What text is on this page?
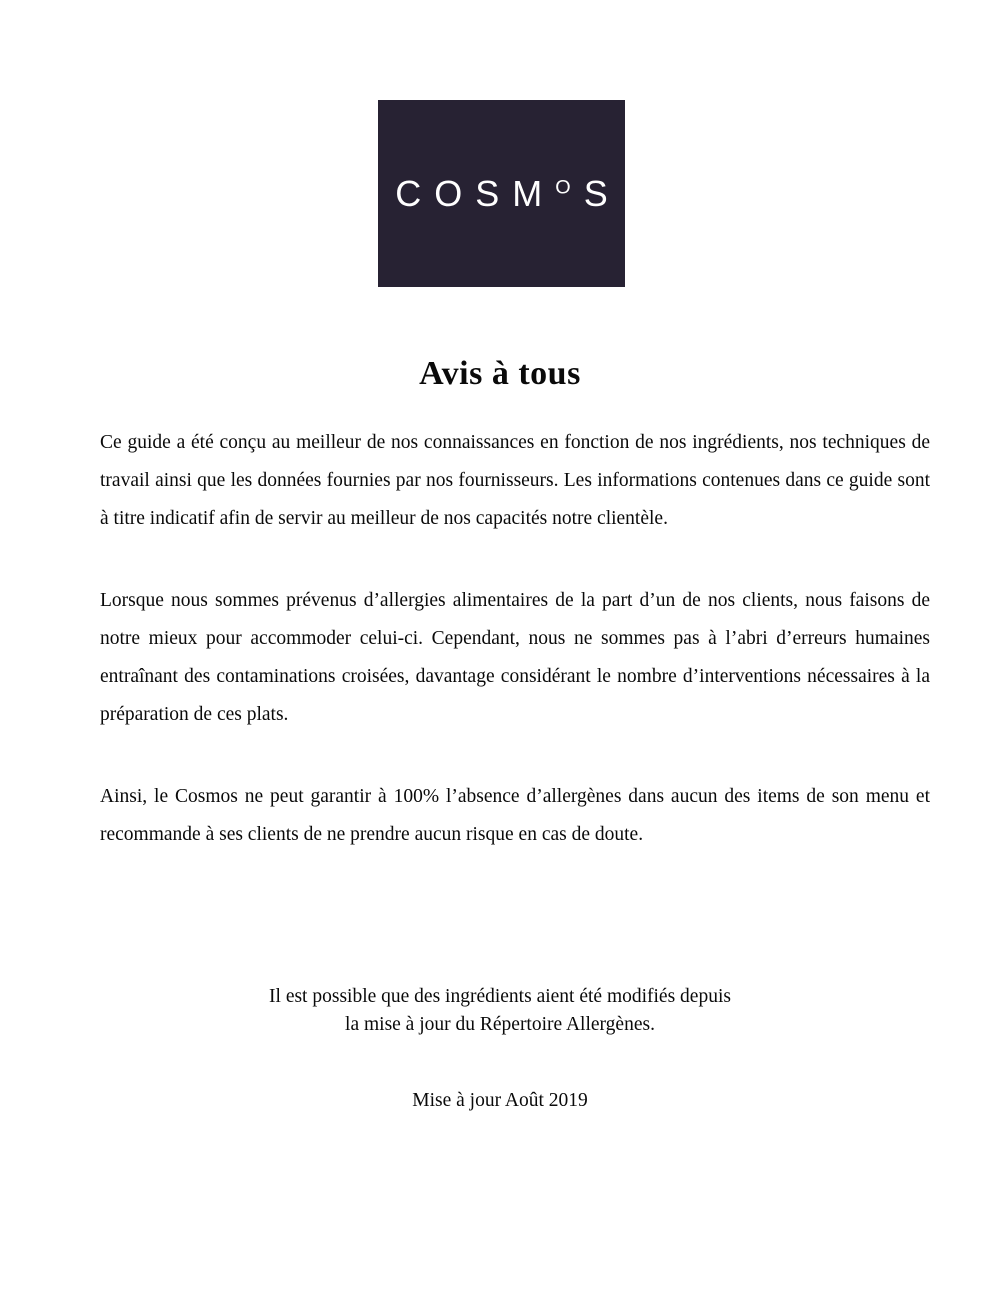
$COSM^OS$
Avis à tous

Ce guide a été conçu au meilleur de nos connaissances en fonction de nos ingrédients, nos techniques de travail ainsi que les données fournies par nos fournisseurs. Les informations contenues dans ce guide sont à titre indicatif afin de servir au meilleur de nos capacités notre clientèle.

Lorsque nous sommes prévenus d’allergies alimentaires de la part d’un de nos clients, nous faisons de notre mieux pour accommoder celui-ci. Cependant, nous ne sommes pas à l’abri d’erreurs humaines entraînant des contaminations croisées, davantage considérant le nombre d’interventions nécessaires à la préparation de ces plats.

Ainsi, le Cosmos ne peut garantir à 100% l’absence d’allergènes dans aucun des items de son menu et recommande à ses clients de ne prendre aucun risque en cas de doute.

Il est possible que des ingrédients aient été modifiés depuis
la mise à jour du Répertoire Allergènes.
Mise à jour Août 2019
